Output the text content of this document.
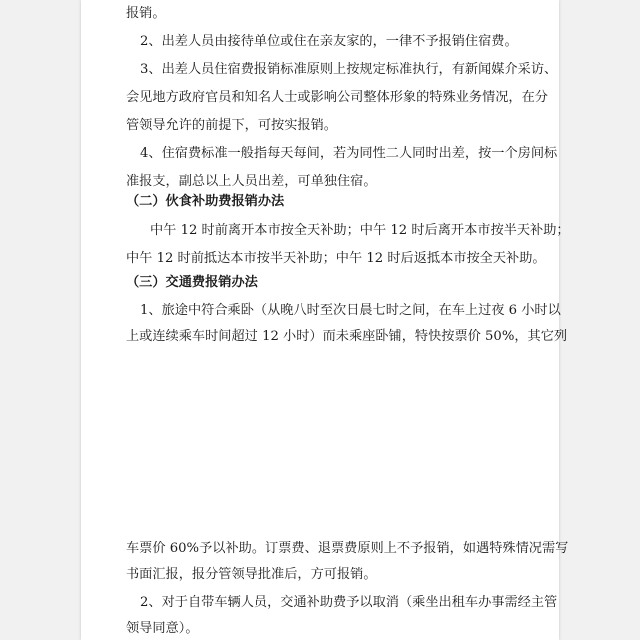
报销。
2、出差人员由接待单位或住在亲友家的，一律不予报销住宿费。
3、出差人员住宿费报销标准原则上按规定标准执行，有新闻媒介采访、
会见地方政府官员和知名人士或影响公司整体形象的特殊业务情况，在分
管领导允许的前提下，可按实报销。
4、住宿费标准一般指每天每间，若为同性二人同时出差，按一个房间标
准报支，副总以上人员出差，可单独住宿。
（二）伙食补助费报销办法
中午 12 时前离开本市按全天补助；中午 12 时后离开本市按半天补助；
中午 12 时前抵达本市按半天补助；中午 12 时后返抵本市按全天补助。
（三）交通费报销办法
1、旅途中符合乘卧（从晚八时至次日晨七时之间，在车上过夜 6 小时以
上或连续乘车时间超过 12 小时）而未乘座卧铺，特快按票价 50%，其它列
车票价 60%予以补助。订票费、退票费原则上不予报销，如遇特殊情况需写
书面汇报，报分管领导批准后，方可报销。
2、对于自带车辆人员，交通补助费予以取消（乘坐出租车办事需经主管
领导同意）。
